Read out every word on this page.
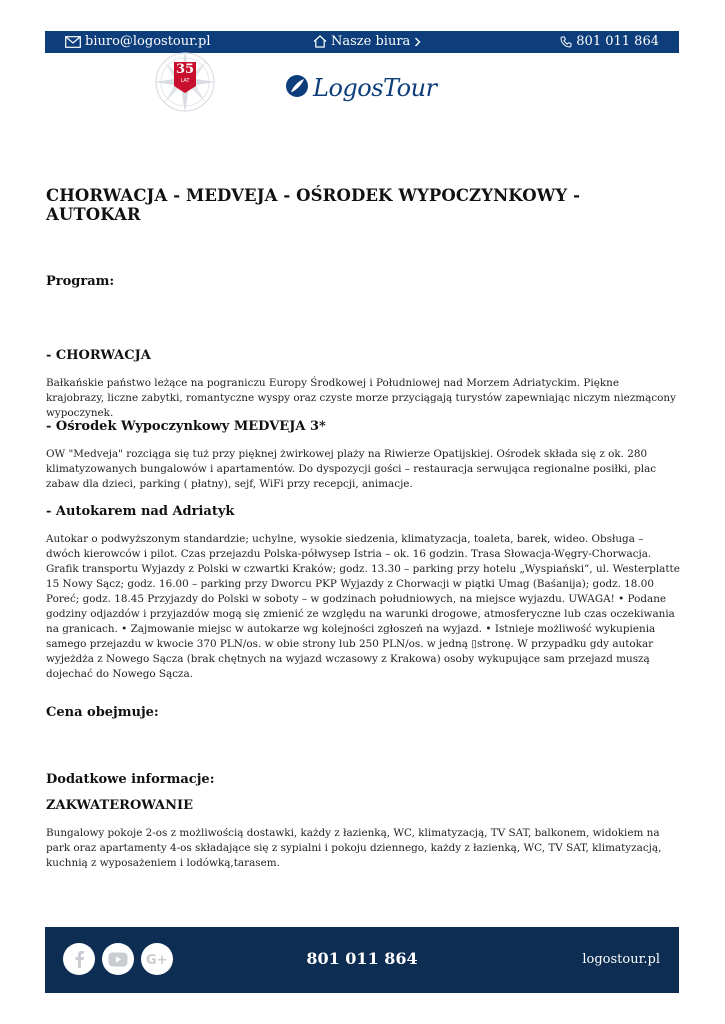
biuro@logostour.pl	Nasze biura	801 011 864
35
LAT	LogosTour
CHORWACJA - MEDVEJA - OŚRODEK WYPOCZYNKOWY - AUTOKAR
Program:
- CHORWACJA

Bałkańskie państwo leżące na pograniczu Europy Środkowej i Południowej nad Morzem Adriatyckim. Piękne krajobrazy, liczne zabytki, romantyczne wyspy oraz czyste morze przyciągają turystów zapewniając niczym niezmącony wypoczynek.

- Ośrodek Wypoczynkowy MEDVEJA 3*

OW "Medveja" rozciąga się tuż przy pięknej żwirkowej plaży na Riwierze Opatijskiej. Ośrodek składa się z ok. 280 klimatyzowanych bungalowów i apartamentów. Do dyspozycji gości – restauracja serwująca regionalne posiłki, plac zabaw dla dzieci, parking ( płatny), sejf, WiFi przy recepcji, animacje.

- Autokarem nad Adriatyk

Autokar o podwyższonym standardzie; uchylne, wysokie siedzenia, klimatyzacja, toaleta, barek, wideo. Obsługa – dwóch kierowców i pilot. Czas przejazdu Polska-półwysep Istria – ok. 16 godzin. Trasa Słowacja-Węgry-Chorwacja. Grafik transportu Wyjazdy z Polski w czwartki Kraków; godz. 13.30 – parking przy hotelu „Wyspiański”, ul. Westerplatte 15 Nowy Sącz; godz. 16.00 – parking przy Dworcu PKP Wyjazdy z Chorwacji w piątki Umag (Baśanija); godz. 18.00 Poreć; godz. 18.45 Przyjazdy do Polski w soboty – w godzinach południowych, na miejsce wyjazdu. UWAGA! • Podane godziny odjazdów i przyjazdów mogą się zmienić ze względu na warunki drogowe, atmosferyczne lub czas oczekiwania na granicach. • Zajmowanie miejsc w autokarze wg kolejności zgłoszeń na wyjazd. • Istnieje możliwość wykupienia samego przejazdu w kwocie 370 PLN/os. w obie strony lub 250 PLN/os. w jedną ▯stronę. W przypadku gdy autokar wyjeżdża z Nowego Sącza (brak chętnych na wyjazd wczasowy z Krakowa) osoby wykupujące sam przejazd muszą dojechać do Nowego Sącza.

Cena obejmuje:
Dodatkowe informacje:
ZAKWATEROWANIE

Bungalowy pokoje 2-os z możliwością dostawki, każdy z łazienką, WC, klimatyzacją, TV SAT, balkonem, widokiem na park oraz apartamenty 4-os składające się z sypialni i pokoju dziennego, każdy z łazienką, WC, TV SAT, klimatyzacją, kuchnią z wyposażeniem i lodówką,tarasem.

G+	801 011 864	logostour.pl
